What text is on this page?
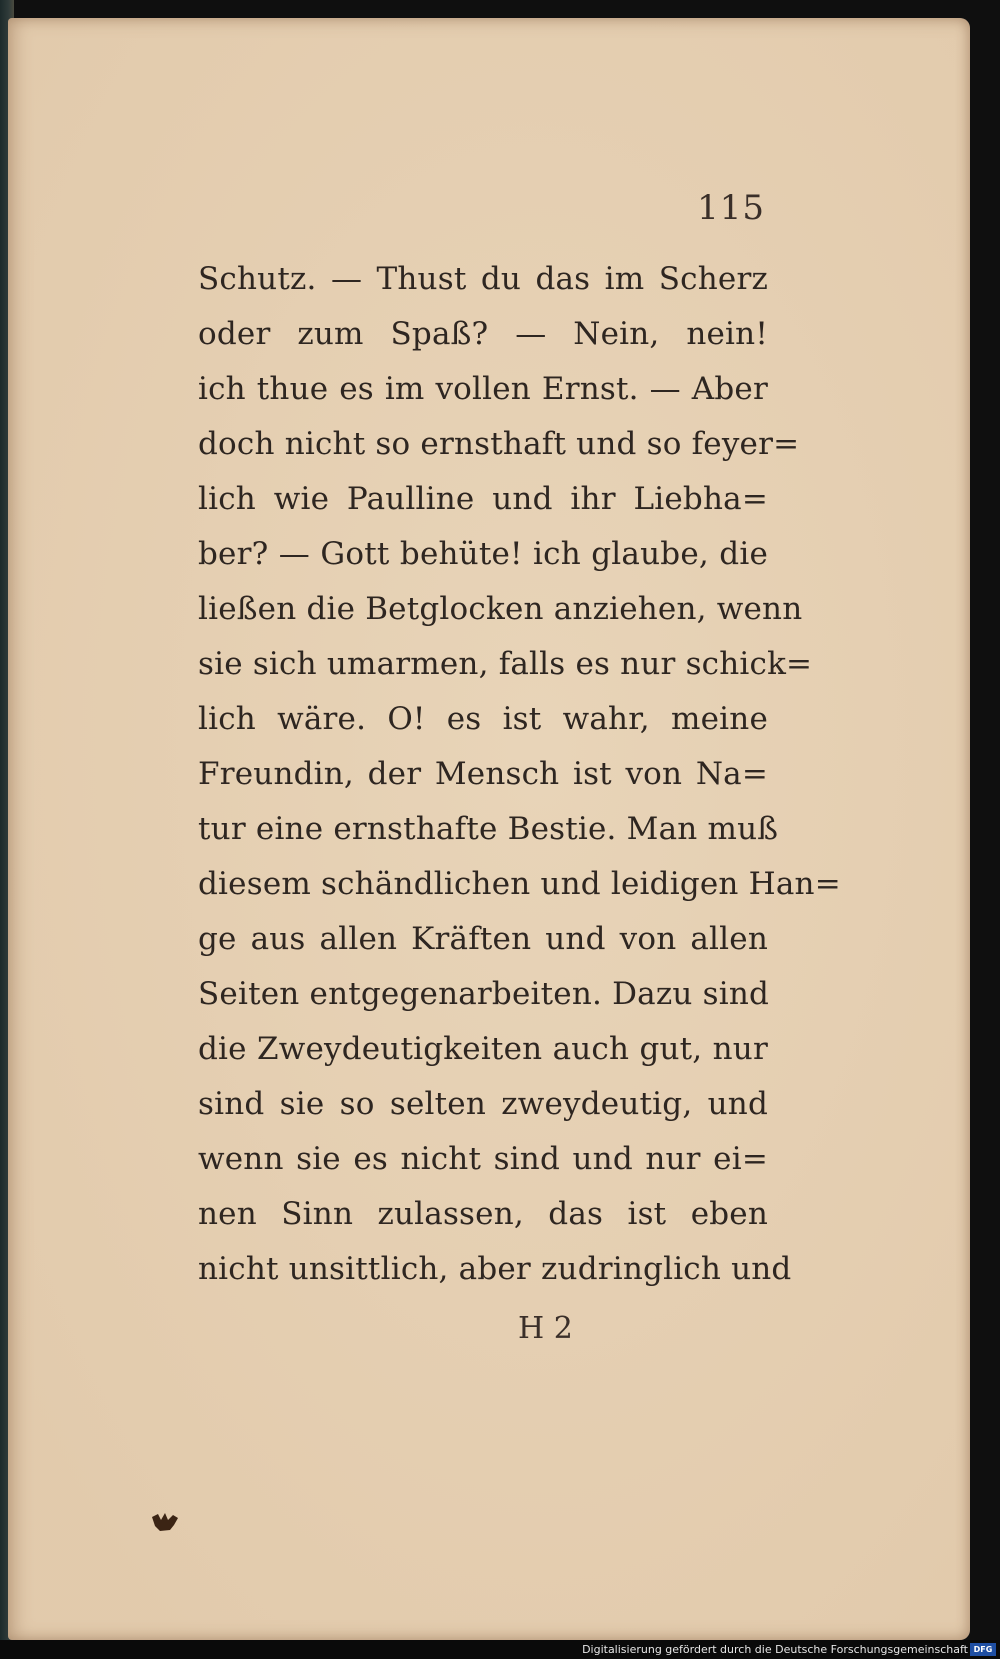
115
Schutz. — Thust du das im Scherz
oder zum Spaß? — Nein, nein!
ich thue es im vollen Ernst. — Aber
doch nicht so ernsthaft und so feyer=
lich wie Paulline und ihr Liebha=
ber? — Gott behüte! ich glaube, die
ließen die Betglocken anziehen, wenn
sie sich umarmen, falls es nur schick=
lich wäre. O! es ist wahr, meine
Freundin, der Mensch ist von Na=
tur eine ernsthafte Bestie. Man muß
diesem schändlichen und leidigen Han=
ge aus allen Kräften und von allen
Seiten entgegenarbeiten. Dazu sind
die Zweydeutigkeiten auch gut, nur
sind sie so selten zweydeutig, und
wenn sie es nicht sind und nur ei=
nen Sinn zulassen, das ist eben
nicht unsittlich, aber zudringlich und
H 2
Digitalisierung gefördert durch die Deutsche Forschungsgemeinschaft DFG
